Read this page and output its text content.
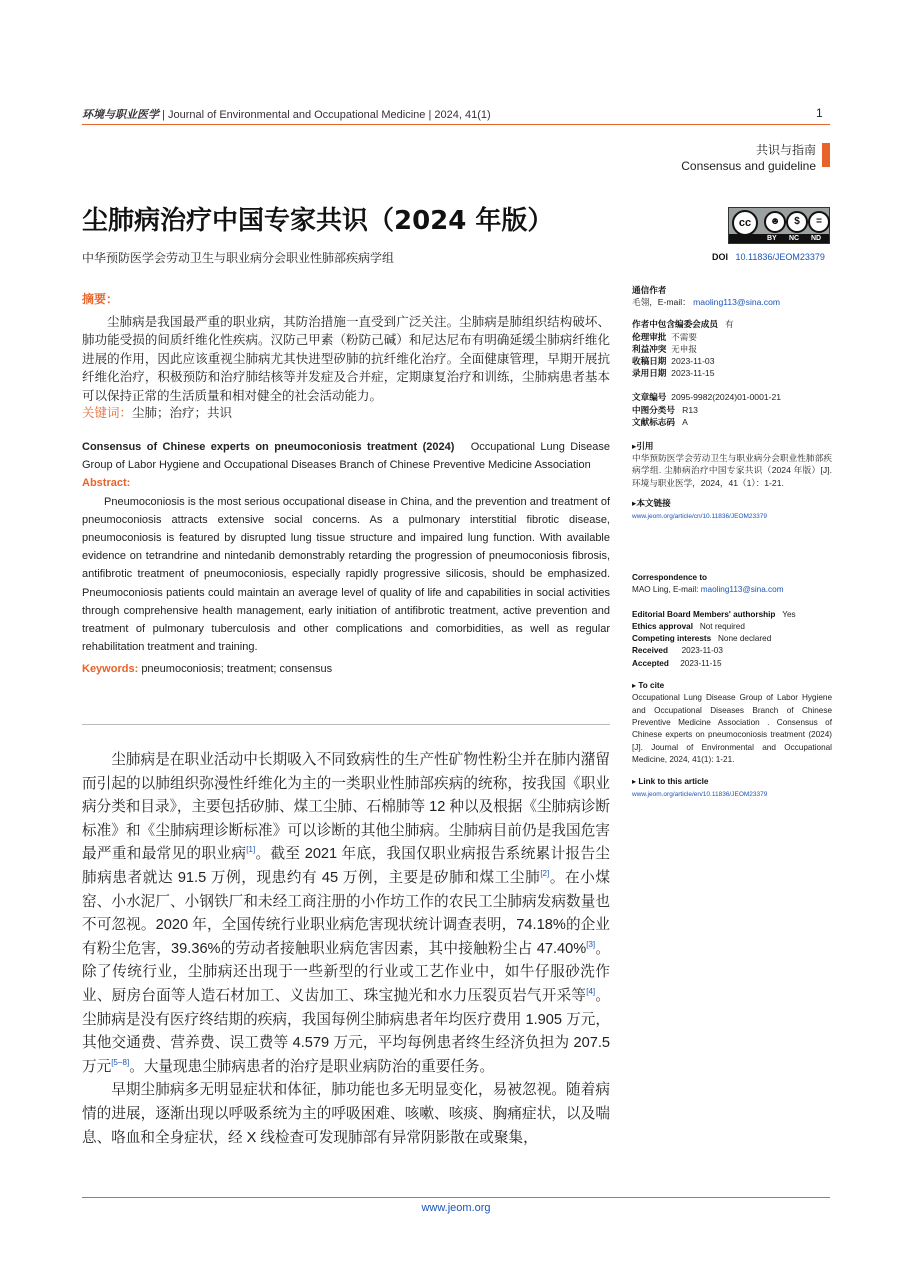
环境与职业医学 | Journal of Environmental and Occupational Medicine | 2024, 41(1)	1
共识与指南
Consensus and guideline
尘肺病治疗中国专家共识（2024 年版）
中华预防医学会劳动卫生与职业病分会职业性肺部疾病学组
cc	☻	$	=
BY NC ND
DOI 10.11836/JEOM23379
摘要：

尘肺病是我国最严重的职业病，其防治措施一直受到广泛关注。尘肺病是肺组织结构破坏、肺功能受损的间质纤维化性疾病。汉防己甲素（粉防己碱）和尼达尼布有明确延缓尘肺病纤维化进展的作用，因此应该重视尘肺病尤其快进型矽肺的抗纤维化治疗。全面健康管理，早期开展抗纤维化治疗，积极预防和治疗肺结核等并发症及合并症，定期康复治疗和训练，尘肺病患者基本可以保持正常的生活质量和相对健全的社会活动能力。

关键词：尘肺；治疗；共识

Consensus of Chinese experts on pneumoconiosis treatment (2024) Occupational Lung Disease Group of Labor Hygiene and Occupational Diseases Branch of Chinese Preventive Medicine Association

Abstract:

Pneumoconiosis is the most serious occupational disease in China, and the prevention and treatment of pneumoconiosis attracts extensive social concerns. As a pulmonary interstitial fibrotic disease, pneumoconiosis is featured by disrupted lung tissue structure and impaired lung function. With available evidence on tetrandrine and nintedanib demonstrably retarding the progression of pneumoconiosis fibrosis, antifibrotic treatment of pneumoconiosis, especially rapidly progressive silicosis, should be emphasized. Pneumoconiosis patients could maintain an average level of quality of life and capabilities in social activities through comprehensive health management, early initiation of antifibrotic treatment, active prevention and treatment of pulmonary tuberculosis and other complications and comorbidities, as well as regular rehabilitation treatment and training.

Keywords: pneumoconiosis; treatment; consensus

尘肺病是在职业活动中长期吸入不同致病性的生产性矿物性粉尘并在肺内潴留而引起的以肺组织弥漫性纤维化为主的一类职业性肺部疾病的统称，按我国《职业病分类和目录》，主要包括矽肺、煤工尘肺、石棉肺等 12 种以及根据《尘肺病诊断标准》和《尘肺病理诊断标准》可以诊断的其他尘肺病。尘肺病目前仍是我国危害最严重和最常见的职业病[1]。截至 2021 年底，我国仅职业病报告系统累计报告尘肺病患者就达 91.5 万例，现患约有 45 万例，主要是矽肺和煤工尘肺[2]。在小煤窑、小水泥厂、小钢铁厂和未经工商注册的小作坊工作的农民工尘肺病发病数量也不可忽视。2020 年，全国传统行业职业病危害现状统计调查表明，74.18%的企业有粉尘危害，39.36%的劳动者接触职业病危害因素，其中接触粉尘占 47.40%[3]。除了传统行业，尘肺病还出现于一些新型的行业或工艺作业中，如牛仔服砂洗作业、厨房台面等人造石材加工、义齿加工、珠宝抛光和水力压裂页岩气开采等[4]。尘肺病是没有医疗终结期的疾病，我国每例尘肺病患者年均医疗费用 1.905 万元，其他交通费、营养费、误工费等 4.579 万元，平均每例患者终生经济负担为 207.5 万元[5−8]。大量现患尘肺病患者的治疗是职业病防治的重要任务。

早期尘肺病多无明显症状和体征，肺功能也多无明显变化，易被忽视。随着病情的进展，逐渐出现以呼吸系统为主的呼吸困难、咳嗽、咳痰、胸痛症状，以及喘息、咯血和全身症状，经 X 线检查可发现肺部有异常阴影散在或聚集，

通信作者
毛翎，E-mail： maoling113@sina.com
作者中包含编委会成员 有
伦理审批 不需要
利益冲突 无申报
收稿日期 2023-11-03
录用日期 2023-11-15
文章编号 2095-9982(2024)01-0001-21
中图分类号 R13
文献标志码 A
▸引用
中华预防医学会劳动卫生与职业病分会职业性肺部疾病学组. 尘肺病治疗中国专家共识（2024 年版）[J]. 环境与职业医学，2024，41（1）：1-21.
▸本文链接
www.jeom.org/article/cn/10.11836/JEOM23379
Correspondence to
MAO Ling, E-mail: maoling113@sina.com
Editorial Board Members' authorship Yes
Ethics approval Not required
Competing interests None declared
Received 2023-11-03
Accepted 2023-11-15
▸ To cite
Occupational Lung Disease Group of Labor Hygiene and Occupational Diseases Branch of Chinese Preventive Medicine Association . Consensus of Chinese experts on pneumoconiosis treatment (2024)[J]. Journal of Environmental and Occupational Medicine, 2024, 41(1): 1-21.
▸ Link to this article
www.jeom.org/article/en/10.11836/JEOM23379
www.jeom.org
